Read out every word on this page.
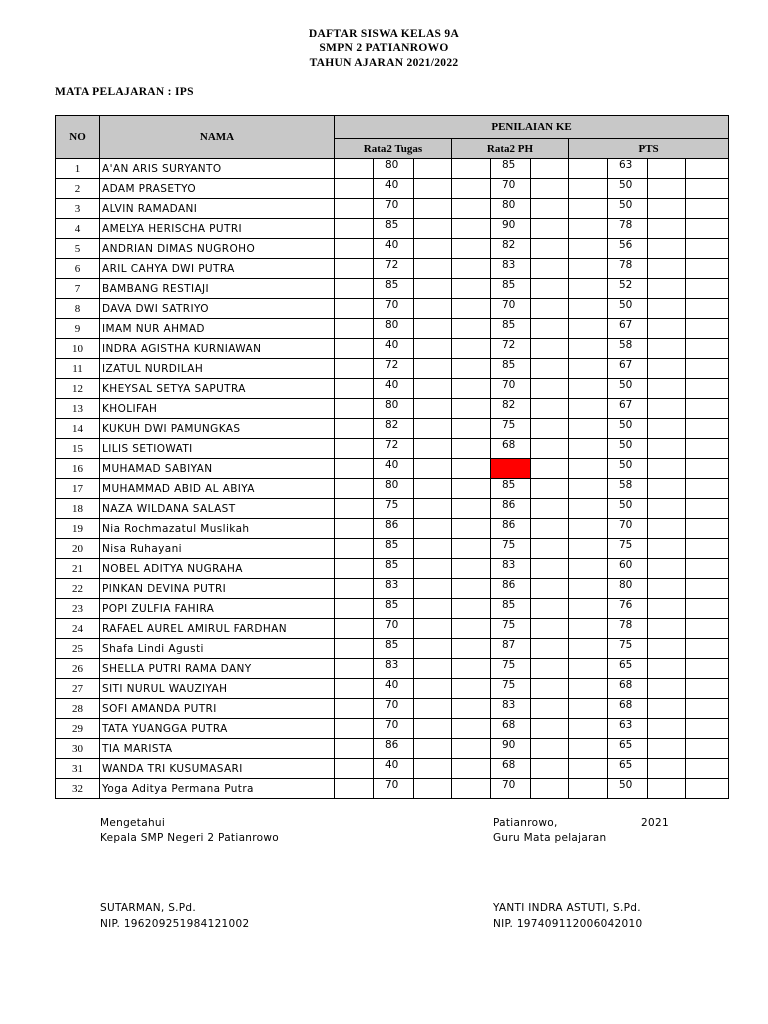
DAFTAR SISWA KELAS 9A
SMPN 2 PATIANROWO
TAHUN AJARAN 2021/2022
MATA PELAJARAN : IPS
NO	NAMA	PENILAIAN KE									
		Rata2 Tugas			Rata2 PH			PTS			
1	A'AN ARIS SURYANTO		80			85			63		
2	ADAM PRASETYO		40			70			50		
3	ALVIN RAMADANI		70			80			50		
4	AMELYA HERISCHA PUTRI		85			90			78		
5	ANDRIAN DIMAS NUGROHO		40			82			56		
6	ARIL CAHYA DWI PUTRA		72			83			78		
7	BAMBANG RESTIAJI		85			85			52		
8	DAVA DWI SATRIYO		70			70			50		
9	IMAM NUR AHMAD		80			85			67		
10	INDRA AGISTHA KURNIAWAN		40			72			58		
11	IZATUL NURDILAH		72			85			67		
12	KHEYSAL SETYA SAPUTRA		40			70			50		
13	KHOLIFAH		80			82			67		
14	KUKUH DWI PAMUNGKAS		82			75			50		
15	LILIS SETIOWATI		72			68			50		
16	MUHAMAD SABIYAN		40						50		
17	MUHAMMAD ABID AL ABIYA		80			85			58		
18	NAZA WILDANA SALAST		75			86			50		
19	Nia Rochmazatul Muslikah		86			86			70		
20	Nisa Ruhayani		85			75			75		
21	NOBEL ADITYA NUGRAHA		85			83			60		
22	PINKAN DEVINA PUTRI		83			86			80		
23	POPI ZULFIA FAHIRA		85			85			76		
24	RAFAEL AUREL AMIRUL FARDHAN		70			75			78		
25	Shafa Lindi Agusti		85			87			75		
26	SHELLA PUTRI RAMA DANY		83			75			65		
27	SITI NURUL WAUZIYAH		40			75			68		
28	SOFI AMANDA PUTRI		70			83			68		
29	TATA YUANGGA PUTRA		70			68			63		
30	TIA MARISTA		86			90			65		
31	WANDA TRI KUSUMASARI		40			68			65		
32	Yoga Aditya Permana Putra		70			70			50		
Mengetahui
Kepala SMP Negeri 2 Patianrowo
SUTARMAN, S.Pd.
NIP. 196209251984121002
Patianrowo,	2021
Guru Mata pelajaran
YANTI INDRA ASTUTI, S.Pd.
NIP. 197409112006042010
